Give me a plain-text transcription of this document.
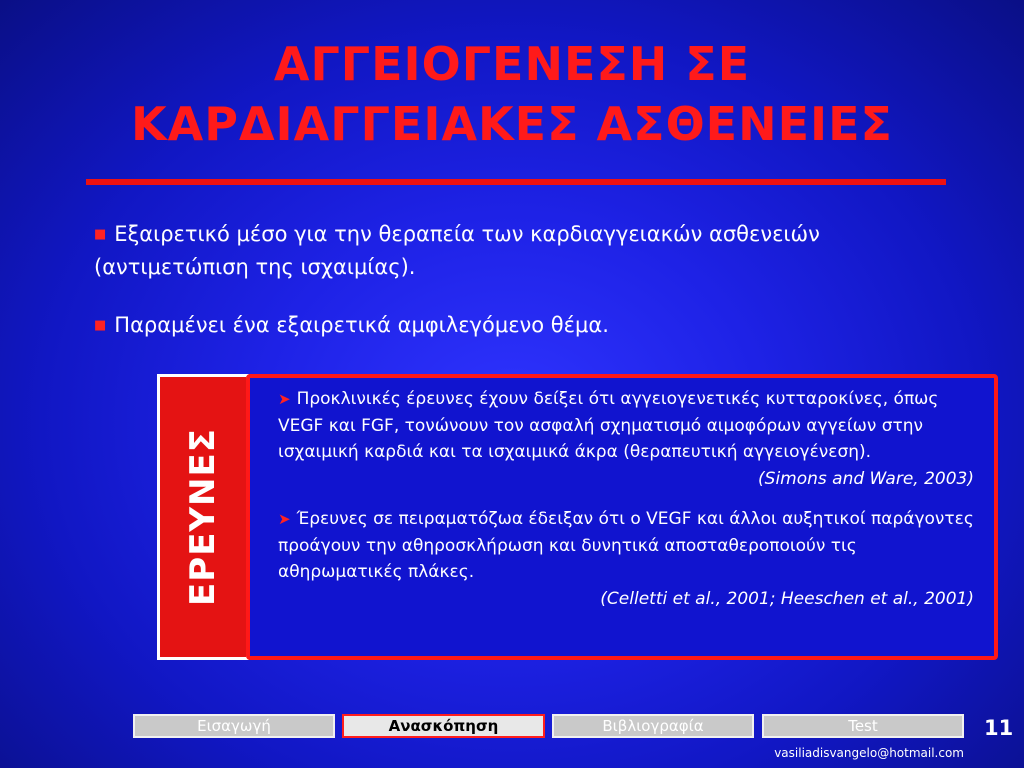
ΑΓΓΕΙΟΓΕΝΕΣΗ ΣΕ
ΚΑΡΔΙΑΓΓΕΙΑΚΕΣ ΑΣΘΕΝΕΙΕΣ
■ Εξαιρετικό μέσο για την θεραπεία των καρδιαγγειακών ασθενειών (αντιμετώπιση της ισχαιμίας).
■ Παραμένει ένα εξαιρετικά αμφιλεγόμενο θέμα.
ΕΡΕΥΝΕΣ
➤ Προκλινικές έρευνες έχουν δείξει ότι αγγειογενετικές κυτταροκίνες, όπως VEGF και FGF, τονώνουν τον ασφαλή σχηματισμό αιμοφόρων αγγείων στην ισχαιμική καρδιά και τα ισχαιμικά άκρα (θεραπευτική αγγειογένεση).
(Simons and Ware, 2003)
➤ Έρευνες σε πειραματόζωα έδειξαν ότι ο VEGF και άλλοι αυξητικοί παράγοντες προάγουν την αθηροσκλήρωση και δυνητικά αποσταθεροποιούν τις αθηρωματικές πλάκες.
(Celletti et al., 2001; Heeschen et al., 2001)
Εισαγωγή	Ανασκόπηση	Βιβλιογραφία	Test	11
vasiliadisvangelo@hotmail.com
